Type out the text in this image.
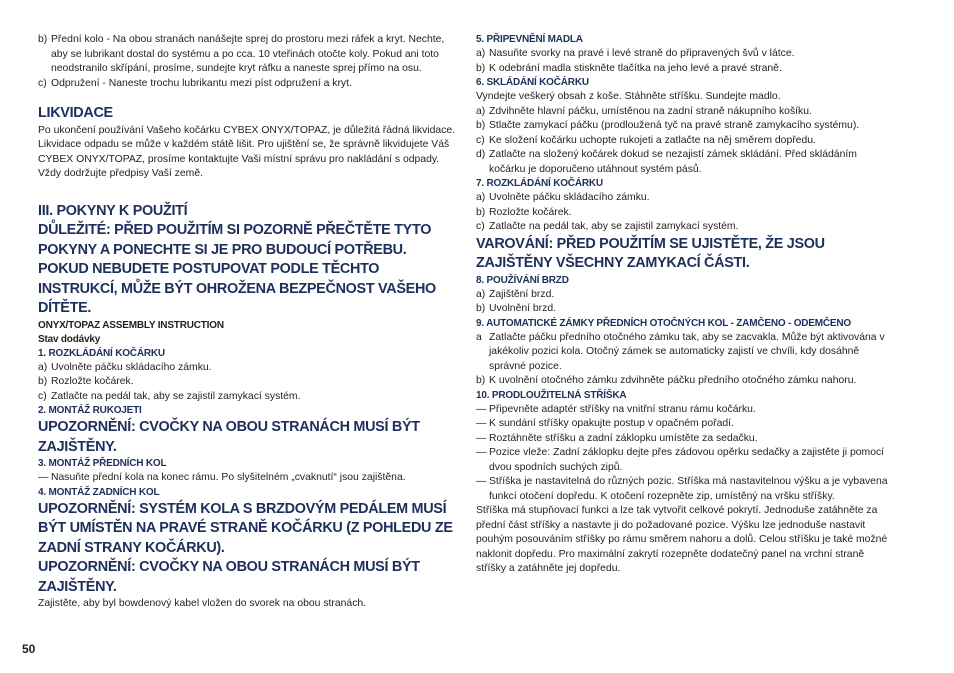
b) Přední kolo - Na obou stranách nanášejte sprej do prostoru mezi ráfek a kryt. Nechte, aby se lubrikant dostal do systému a po cca. 10 vteřinách otočte koly. Pokud ani toto neodstranilo skřípání, prosíme, sundejte kryt ráfku a naneste sprej přímo na osu.
c) Odpružení - Naneste trochu lubrikantu mezi píst odpružení a kryt.
LIKVIDACE
Po ukončení používání Vašeho kočárku CYBEX ONYX/TOPAZ, je důležitá řádná likvidace. Likvidace odpadu se může v každém státě lišit. Pro ujištění se, že správně likvidujete Váš CYBEX ONYX/TOPAZ, prosíme kontaktujte Vaši místní správu pro nakládání s odpady. Vždy dodržujte předpisy Vaší země.
III. POKYNY K POUŽITÍ
DŮLEŽITÉ: PŘED POUŽITÍM SI POZORNĚ PŘEČTĚTE TYTO POKYNY A PONECHTE SI JE PRO BUDOUCÍ POTŘEBU. POKUD NEBUDETE POSTUPOVAT PODLE TĚCHTO INSTRUKCÍ, MŮŽE BÝT OHROŽENA BEZPEČNOST VAŠEHO DÍTĚTE.
ONYX/TOPAZ ASSEMBLY INSTRUCTION
Stav dodávky
1. ROZKLÁDÁNÍ KOČÁRKU
a) Uvolněte páčku skládacího zámku.
b) Rozložte kočárek.
c) Zatlačte na pedál tak, aby se zajistil zamykací systém.
2. MONTÁŽ RUKOJETI
UPOZORNĚNÍ: CVOČKY NA OBOU STRANÁCH MUSÍ BÝT ZAJIŠTĚNY.
3. MONTÁŽ PŘEDNÍCH KOL
— Nasuňte přední kola na konec rámu. Po slyšitelném „cvaknutí“ jsou zajištěna.
4. MONTÁŽ ZADNÍCH KOL
UPOZORNĚNÍ: SYSTÉM KOLA S BRZDOVÝM PEDÁLEM MUSÍ BÝT UMÍSTĚN NA PRAVÉ STRANĚ KOČÁRKU (Z POHLEDU ZE ZADNÍ STRANY KOČÁRKU).
UPOZORNĚNÍ: CVOČKY NA OBOU STRANÁCH MUSÍ BÝT ZAJIŠTĚNY.
Zajistěte, aby byl bowdenový kabel vložen do svorek na obou stranách.
5. PŘIPEVNĚNÍ MADLA
a) Nasuňte svorky na pravé i levé straně do připravených švů v látce.
b) K odebrání madla stiskněte tlačítka na jeho levé a pravé straně.
6. SKLÁDÁNÍ KOČÁRKU
Vyndejte veškerý obsah z koše. Stáhněte stříšku. Sundejte madlo.
a) Zdvihněte hlavní páčku, umístěnou na zadní straně nákupního košíku.
b) Stlačte zamykací páčku (prodloužená tyč na pravé straně zamykacího systému).
c) Ke složení kočárku uchopte rukojeti a zatlačte na něj směrem dopředu.
d) Zatlačte na složený kočárek dokud se nezajistí zámek skládání. Před skládáním kočárku je doporučeno utáhnout systém pásů.
7. ROZKLÁDÁNÍ KOČÁRKU
a) Uvolněte páčku skládacího zámku.
b) Rozložte kočárek.
c) Zatlačte na pedál tak, aby se zajistil zamykací systém.
VAROVÁNÍ: PŘED POUŽITÍM SE UJISTĚTE, ŽE JSOU ZAJIŠTĚNY VŠECHNY ZAMYKACÍ ČÁSTI.
8. POUŽÍVÁNÍ BRZD
a) Zajištění brzd.
b) Uvolnění brzd.
9. AUTOMATICKÉ ZÁMKY PŘEDNÍCH OTOČNÝCH KOL - ZAMČENO - ODEMČENO
a Zatlačte páčku předního otočného zámku tak, aby se zacvakla. Může být aktivována v jakékoliv pozici kola. Otočný zámek se automaticky zajistí ve chvíli, kdy dosáhně správné pozice.
b) K uvolnění otočného zámku zdvihněte páčku předního otočného zámku nahoru.
10. PRODLOUŽITELNÁ STŘÍŠKA
— Připevněte adaptér stříšky na vnitřní stranu rámu kočárku.
— K sundání stříšky opakujte postup v opačném pořadí.
— Roztáhněte stříšku a zadní záklopku umístěte za sedačku.
— Pozice vleže: Zadní záklopku dejte přes zádovou opěrku sedačky a zajistěte ji pomocí dvou spodních suchých zipů.
— Stříška je nastavitelná do různých pozic. Stříška má nastavitelnou výšku a je vybavena funkcí otočení dopředu. K otočení rozepněte zip, umístěný na vršku stříšky.
Stříška má stupňovací funkci a lze tak vytvořit celkové pokrytí. Jednoduše zatáhněte za přední část stříšky a nastavte ji do požadované pozice. Výšku lze jednoduše nastavit pouhým posouváním stříšky po rámu směrem nahoru a dolů. Celou stříšku je také možné naklonit dopředu. Pro maximální zakrytí rozepněte dodatečný panel na vrchní straně stříšky a zatáhněte jej dopředu.
50
